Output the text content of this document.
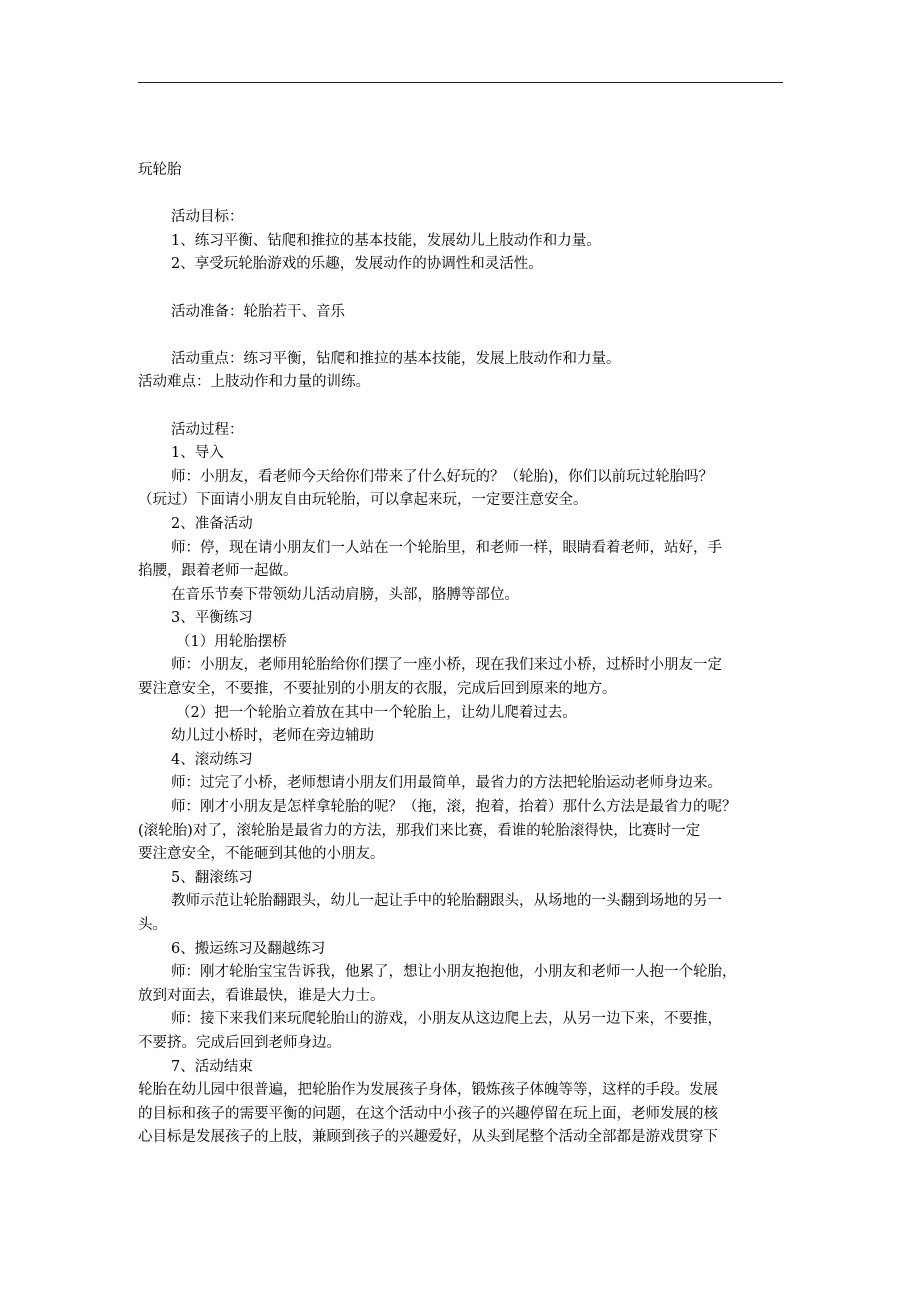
玩轮胎

活动目标：

1、练习平衡、钻爬和推拉的基本技能，发展幼儿上肢动作和力量。

2、享受玩轮胎游戏的乐趣，发展动作的协调性和灵活性。

活动准备：轮胎若干、音乐

活动重点：练习平衡，钻爬和推拉的基本技能，发展上肢动作和力量。

活动难点：上肢动作和力量的训练。

活动过程：

1、导入

师：小朋友，看老师今天给你们带来了什么好玩的？（轮胎)，你们以前玩过轮胎吗？

（玩过）下面请小朋友自由玩轮胎，可以拿起来玩，一定要注意安全。

2、准备活动

师：停，现在请小朋友们一人站在一个轮胎里，和老师一样，眼睛看着老师，站好，手

掐腰，跟着老师一起做。

在音乐节奏下带领幼儿活动肩膀，头部，胳膊等部位。

3、平衡练习

（1）用轮胎摆桥

师：小朋友，老师用轮胎给你们摆了一座小桥，现在我们来过小桥，过桥时小朋友一定

要注意安全，不要推，不要扯别的小朋友的衣服，完成后回到原来的地方。

（2）把一个轮胎立着放在其中一个轮胎上，让幼儿爬着过去。

幼儿过小桥时，老师在旁边辅助

4、滚动练习

师：过完了小桥，老师想请小朋友们用最简单，最省力的方法把轮胎运动老师身边来。

师：刚才小朋友是怎样拿轮胎的呢？（拖，滚，抱着，抬着）那什么方法是最省力的呢？

(滚轮胎)对了，滚轮胎是最省力的方法，那我们来比赛，看谁的轮胎滚得快，比赛时一定

要注意安全，不能砸到其他的小朋友。

5、翻滚练习

教师示范让轮胎翻跟头，幼儿一起让手中的轮胎翻跟头，从场地的一头翻到场地的另一

头。

6、搬运练习及翻越练习

师：刚才轮胎宝宝告诉我，他累了，想让小朋友抱抱他，小朋友和老师一人抱一个轮胎，

放到对面去，看谁最快，谁是大力士。

师：接下来我们来玩爬轮胎山的游戏，小朋友从这边爬上去，从另一边下来，不要推，

不要挤。完成后回到老师身边。

7、活动结束

轮胎在幼儿园中很普遍，把轮胎作为发展孩子身体，锻炼孩子体魄等等，这样的手段。发展

的目标和孩子的需要平衡的问题，在这个活动中小孩子的兴趣停留在玩上面，老师发展的核

心目标是发展孩子的上肢，兼顾到孩子的兴趣爱好，从头到尾整个活动全部都是游戏贯穿下
